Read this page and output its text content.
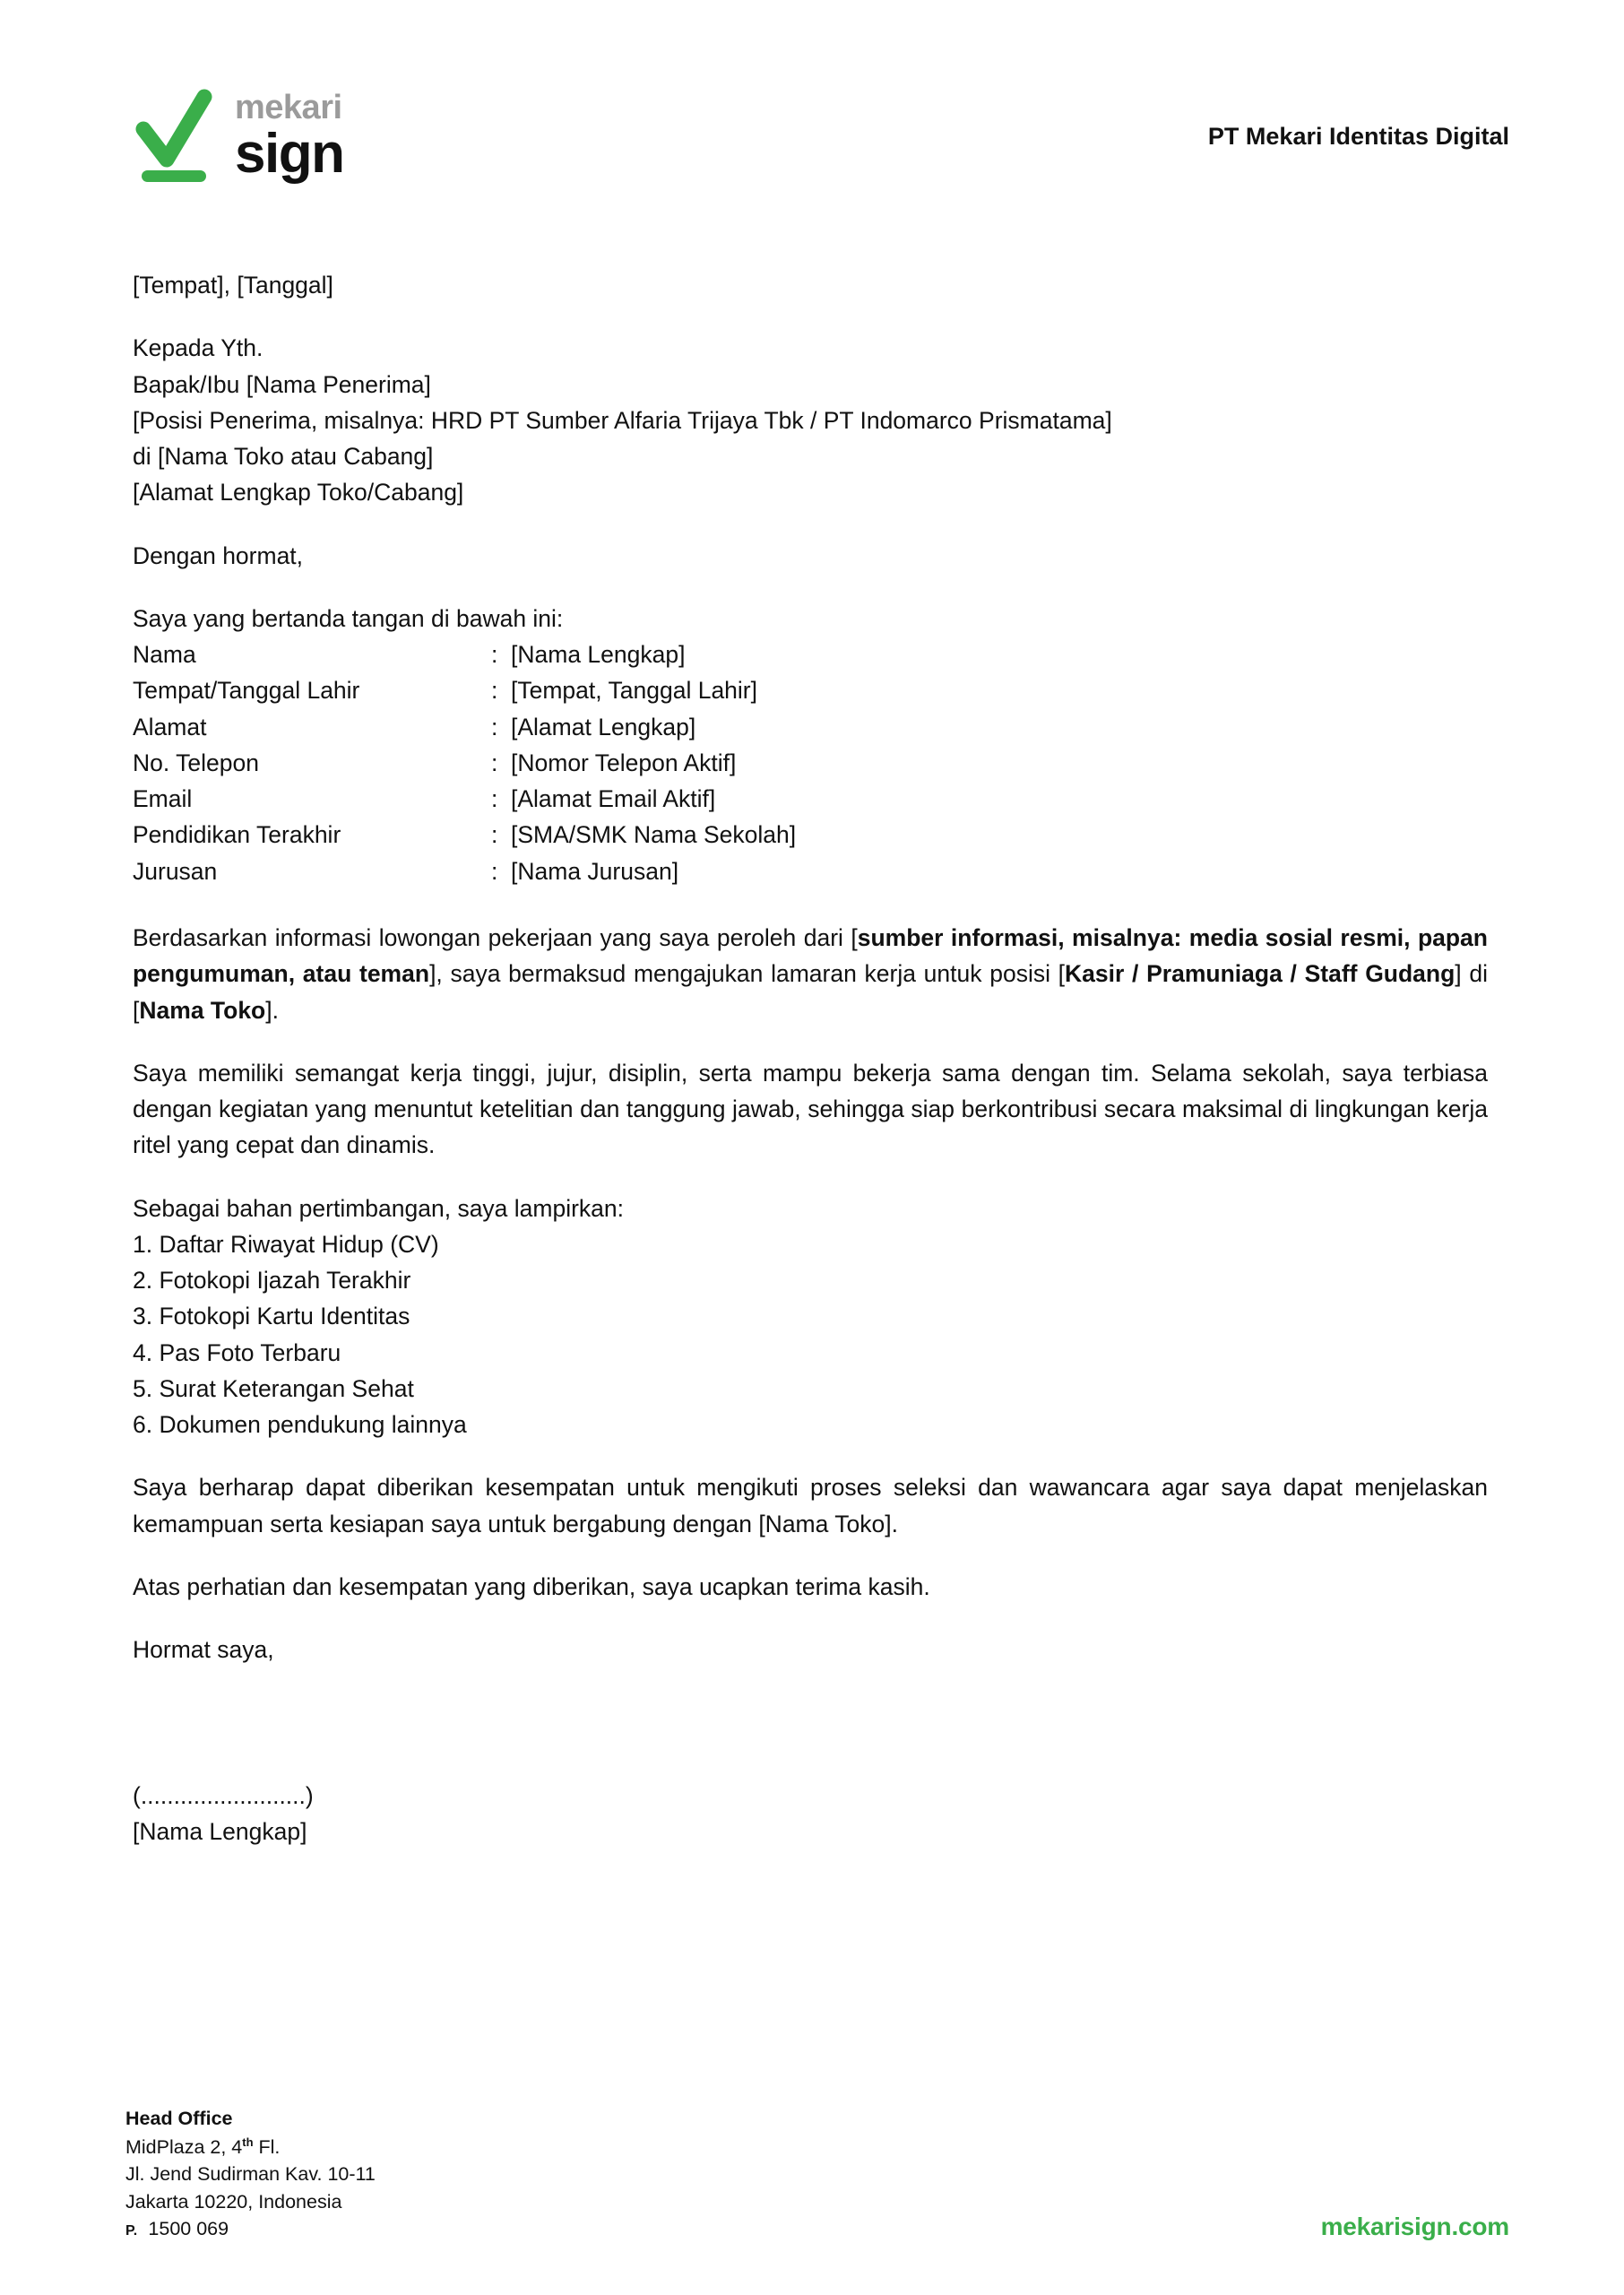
mekari
sign	PT Mekari Identitas Digital

[Tempat], [Tanggal]

Kepada Yth.
Bapak/Ibu [Nama Penerima]
[Posisi Penerima, misalnya: HRD PT Sumber Alfaria Trijaya Tbk / PT Indomarco Prismatama]
di [Nama Toko atau Cabang]
[Alamat Lengkap Toko/Cabang]

Dengan hormat,

Saya yang bertanda tangan di bawah ini:

Nama	:	[Nama Lengkap]
Tempat/Tanggal Lahir	:	[Tempat, Tanggal Lahir]
Alamat	:	[Alamat Lengkap]
No. Telepon	:	[Nomor Telepon Aktif]
Email	:	[Alamat Email Aktif]
Pendidikan Terakhir	:	[SMA/SMK Nama Sekolah]
Jurusan	:	[Nama Jurusan]

Berdasarkan informasi lowongan pekerjaan yang saya peroleh dari [sumber informasi, misalnya: media sosial resmi, papan pengumuman, atau teman], saya bermaksud mengajukan lamaran kerja untuk posisi [Kasir / Pramuniaga / Staff Gudang] di [Nama Toko].

Saya memiliki semangat kerja tinggi, jujur, disiplin, serta mampu bekerja sama dengan tim. Selama sekolah, saya terbiasa dengan kegiatan yang menuntut ketelitian dan tanggung jawab, sehingga siap berkontribusi secara maksimal di lingkungan kerja ritel yang cepat dan dinamis.

Sebagai bahan pertimbangan, saya lampirkan:

1. Daftar Riwayat Hidup (CV)
2. Fotokopi Ijazah Terakhir
3. Fotokopi Kartu Identitas
4. Pas Foto Terbaru
5. Surat Keterangan Sehat
6. Dokumen pendukung lainnya

Saya berharap dapat diberikan kesempatan untuk mengikuti proses seleksi dan wawancara agar saya dapat menjelaskan kemampuan serta kesiapan saya untuk bergabung dengan [Nama Toko].

Atas perhatian dan kesempatan yang diberikan, saya ucapkan terima kasih.

Hormat saya,

(.........................)
[Nama Lengkap]
Head Office
MidPlaza 2, 4th Fl.
Jl. Jend Sudirman Kav. 10-11
Jakarta 10220, Indonesia
P. 1500 069	mekarisign.com
